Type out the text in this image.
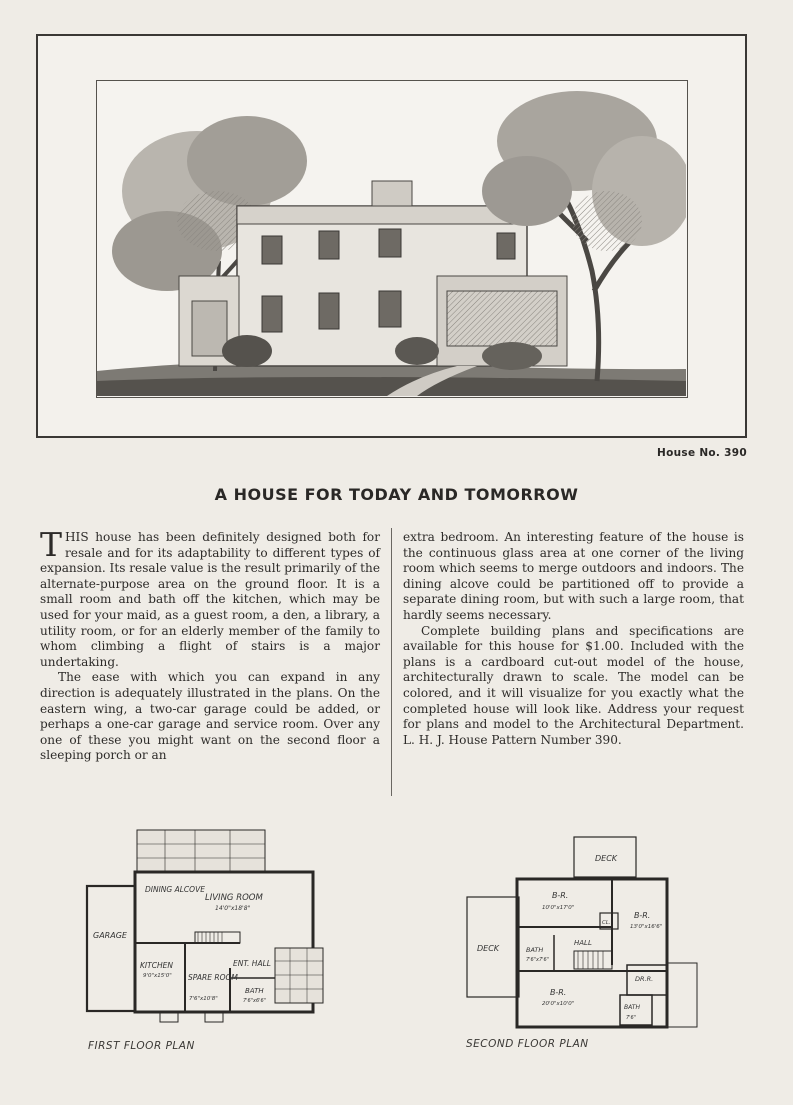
House No. 390
A HOUSE FOR TODAY AND TOMORROW

THIS house has been definitely designed both for resale and for its adaptability to different types of expansion. Its resale value is the result primarily of the alternate-purpose area on the ground floor. It is a small room and bath off the kitchen, which may be used for your maid, as a guest room, a den, a library, a utility room, or for an elderly member of the family to whom climbing a flight of stairs is a major undertaking.

The ease with which you can expand in any direction is adequately illustrated in the plans. On the eastern wing, a two-car garage could be added, or perhaps a one-car garage and service room. Over any one of these you might want on the second floor a sleeping porch or an

extra bedroom. An interesting feature of the house is the continuous glass area at one corner of the living room which seems to merge outdoors and indoors. The dining alcove could be partitioned off to provide a separate dining room, but with such a large room, that hardly seems necessary.

Complete building plans and specifications are available for this house for $1.00. Included with the plans is a cardboard cut-out model of the house, architecturally drawn to scale. The model can be colored, and it will visualize for you exactly what the completed house will look like. Address your request for plans and model to the Architectural Department. L. H. J. House Pattern Number 390.

DINING ALCOVE
LIVING ROOM
14'0"x18'8"
GARAGE
KITCHEN
9'0"x15'0" SPARE ROOM
7'6"x10'8"
ENT. HALL
BATH
7'6"x6'6"
FIRST FLOOR PLAN
DECK
DECK
B-R.
10'0"x17'0"
B-R.
13'0"x16'6"
CL.
HALL
BATH
7'6"x7'6"
DR.R.
B-R.
20'0"x10'0"	BATH
7'6"
SECOND FLOOR PLAN
